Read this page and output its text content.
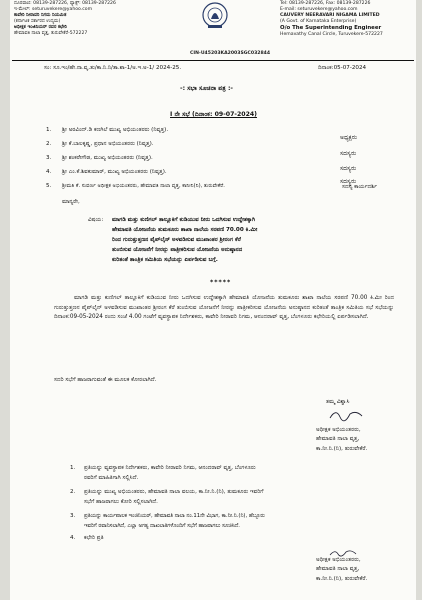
ದೂರವಾಣಿ: 08139-287226, ಫ್ಯಾಕ್ಸ್: 08139-287226
ಇ-ಮೇಲ್: seturuvekere@yahoo.com
ಕಾವೇರಿ ನೀರಾವರಿ ನಿಗಮ ನಿಯಮಿತ
(ಕರ್ನಾಟಕ ಸರ್ಕಾರದ ಉದ್ಯಮ)
ಅಧೀಕ್ಷಕ ಇಂಜಿನಿಯರ್ ರವರ ಕಛೇರಿ
ಹೇಮಾವತಿ ನಾಲಾ ವೃತ್ತ, ತುರುವೇಕೆರೆ-572227
CIN-U45203KA2003SGC032844
Tel: 08139-287226, Fax: 08139-287226
E-mail: seturuvekere@yahoo.com
CAUVERY NEERAVARI NIGAMA LIMITED
(A Govt. of Karnataka Enterprise)
O/o The Superintending Engineer
Hemavathy Canal Circle, Turuvekere-572227
ಸಂ: ಸೂ.ಇಂ/ಹೇ.ನಾ.ವೃ.ತು/ಕಾ.ನಿ.ನಿ/ತಾ.ಶಾ-1/ಅ.ಇ.ಅ-1/ 2024-25.	ದಿನಾಂಕ:05-07-2024
-: ಸಭಾ ಸೂಚನಾ ಪತ್ರ :-
I ನೇ ಸಭೆ (ದಿನಾಂಕ: 09-07-2024)
1. ಶ್ರೀ ಅರವಿಂದ್.ಡಿ ಕಣಗಿಲೆ ಮುಖ್ಯ ಅಭಿಯಂತರರು (ನಿವೃತ್ತ).
ಅಧ್ಯಕ್ಷರು
2. ಶ್ರೀ ಕೆ.ಬಾಲಕೃಷ್ಣ, ಪ್ರಧಾನ ಅಭಿಯಂತರರು (ನಿವೃತ್ತ).
ಸದಸ್ಯರು
3. ಶ್ರೀ ಶಂಕರೇಗೌಡ, ಮುಖ್ಯ ಅಭಿಯಂತರರು (ನಿವೃತ್ತ).
ಸದಸ್ಯರು
4. ಶ್ರೀ ಎಂ.ಕೆ.ಶಿವಕುಮಾರ್, ಮುಖ್ಯ ಅಭಿಯಂತರರು (ನಿವೃತ್ತ).
ಸದಸ್ಯರು
5. ಶ್ರೀಮತಿ ಕೆ. ಸುವರ್ಣ ಅಧೀಕ್ಷಕ ಅಭಿಯಂತರರು, ಹೇಮಾವತಿ ನಾಲಾ ವೃತ್ತ, ಕಾನೀನಿ(ನಿ), ತುರುವೇಕೆರೆ.	ಸದಸ್ಯ ಕಾರ್ಯದರ್ಶಿ
ಮಾನ್ಯರೇ,
ವಿಷಯ: ಮಾಗಡಿ ಮತ್ತು ಕುಣಿಗಲ್ ತಾಲ್ಲೂಕಿಗೆ ಕುಡಿಯುವ ನೀರು ಒದಗಿಸುವ ಉದ್ದೇಶಕ್ಕಾಗಿ
ಹೇಮಾವತಿ ಯೋಜನೆಯ ತುಮಕೂರು ಶಾಖಾ ನಾಲೆಯ ಸರಪಣಿ 70.00 ಕಿ.ಮೀ
ರಿಂದ ಗುರುತ್ತುತ್ತಣನ ಪೈಪ್‌ಲೈನ್ ಅಳವಡಿಸುವ ಮುಖಾಂತರ ಶ್ರೀರಂಗ ಕೆರೆ
ತುಂಬಿಸುವ ಯೋಜನೆಗೆ ನೀರನ್ನು ಪಾತ್ರೀಕರಿಸುವ ಯೋಜನೆಯ ಅನುಷ್ಠಾನದ
ಕುರಿತಂತೆ ತಾಂತ್ರಿಕ ಸಮಿತಿಯ ಸಭೆಯನ್ನು ಏರ್ಪಡಿಸುವ ಬಗ್ಗೆ.
*****
ಮಾಗಡಿ ಮತ್ತು ಕುಣಿಗಲ್ ತಾಲ್ಲೂಕಿಗೆ ಕುಡಿಯುವ ನೀರು ಒದಗಿಸುವ ಉದ್ದೇಶಕ್ಕಾಗಿ ಹೇಮಾವತಿ ಯೋಜನೆಯ ತುಮಕೂರು ಶಾಖಾ ನಾಲೆಯ ಸರಪಣಿ 70.00 ಕಿ.ಮೀ ರಿಂದ ಗುರುತ್ತುತ್ತಣನ ಪೈಪ್‌ಲೈನ್ ಅಳವಡಿಸುವ ಮುಖಾಂತರ ಶ್ರೀರಂಗ ಕೆರೆ ತುಂಬಿಸುವ ಯೋಜನೆಗೆ ನೀರನ್ನು ಪಾತ್ರೀಕರಿಸುವ ಯೋಜನೆಯ ಅನುಷ್ಠಾನದ ಕುರಿತಂತೆ ತಾಂತ್ರಿಕ ಸಮಿತಿಯ ಸಭೆ ಸಭೆಯನ್ನು ದಿನಾಂಕ:09-05-2024 ರಂದು ಸಂಜೆ 4.00 ಗಂಟೆಗೆ ವ್ಯವಸ್ಥಾಪಕ ನಿರ್ದೇಶಕರು, ಕಾವೇರಿ ನೀರಾವರಿ ನಿಗಮ, ಆನಂದರಾವ್ ವೃತ್ತ, ಬೆಂಗಳೂರು ಕಛೇರಿಯಲ್ಲಿ ಏರ್ಪಡಿಸಲಾಗಿದೆ.
ಸದರಿ ಸಭೆಗೆ ಹಾಜರಾಗುವಂತೆ ಈ ಮೂಲಕ ಕೋರಲಾಗಿದೆ.
ತಮ್ಮ ವಿಶ್ವಾಸಿ
ಅಧೀಕ್ಷಕ ಅಭಿಯಂತರರು,
ಹೇಮಾವತಿ ನಾಲಾ ವೃತ್ತ,
ಕಾ.ನೀ.ನಿ.(ನಿ), ತುರುವೇಕೆರೆ.
1. ಪ್ರತಿಯನ್ನು ವ್ಯವಸ್ಥಾಪಕ ನಿರ್ದೇಶಕರು, ಕಾವೇರಿ ನೀರಾವರಿ ನಿಗಮ, ಆನಂದರಾವ್ ವೃತ್ತ, ಬೆಂಗಳೂರು
ರವರಿಗೆ ಮಾಹಿತಿಗಾಗಿ ಸಲ್ಲಿಸಿದೆ.
2. ಪ್ರತಿಯನ್ನು ಮುಖ್ಯ ಅಭಿಯಂತರರು, ಹೇಮಾವತಿ ನಾಲಾ ವಲಯ, ಕಾ.ನೀ.ನಿ.(ನಿ), ತುಮಕೂರು ಇವರಿಗೆ
ಸಭೆಗೆ ಹಾಜರಾಗಲು ಕೋರಿ ಸಲ್ಲಿಸಲಾಗಿದೆ.
3. ಪ್ರತಿಯನ್ನು ಕಾರ್ಯಪಾಲಕ ಇಂಜಿನಿಯರ್, ಹೇಮಾವತಿ ನಾಲಾ ನಂ.11ನೇ ವಿಭಾಗ, ಕಾ.ನೀ.ನಿ.(ನಿ), ಹೆಬ್ಬೂರು
ಇವರಿಗೆ ರವಾನಿಸಲಾಗಿದೆ, ಎಲ್ಲಾ ಅಗತ್ಯ ದಾಖಲಾತಿಗಳೊಂದಿಗೆ ಸಭೆಗೆ ಹಾಜರಾಗಲು ಸೂಚಿಸಿದೆ.
4. ಕಛೇರಿ ಪ್ರತಿ
ಅಧೀಕ್ಷಕ ಅಭಿಯಂತರರು,
ಹೇಮಾವತಿ ನಾಲಾ ವೃತ್ತ,
ಕಾ.ನೀ.ನಿ.(ನಿ), ತುರುವೇಕೆರೆ.
